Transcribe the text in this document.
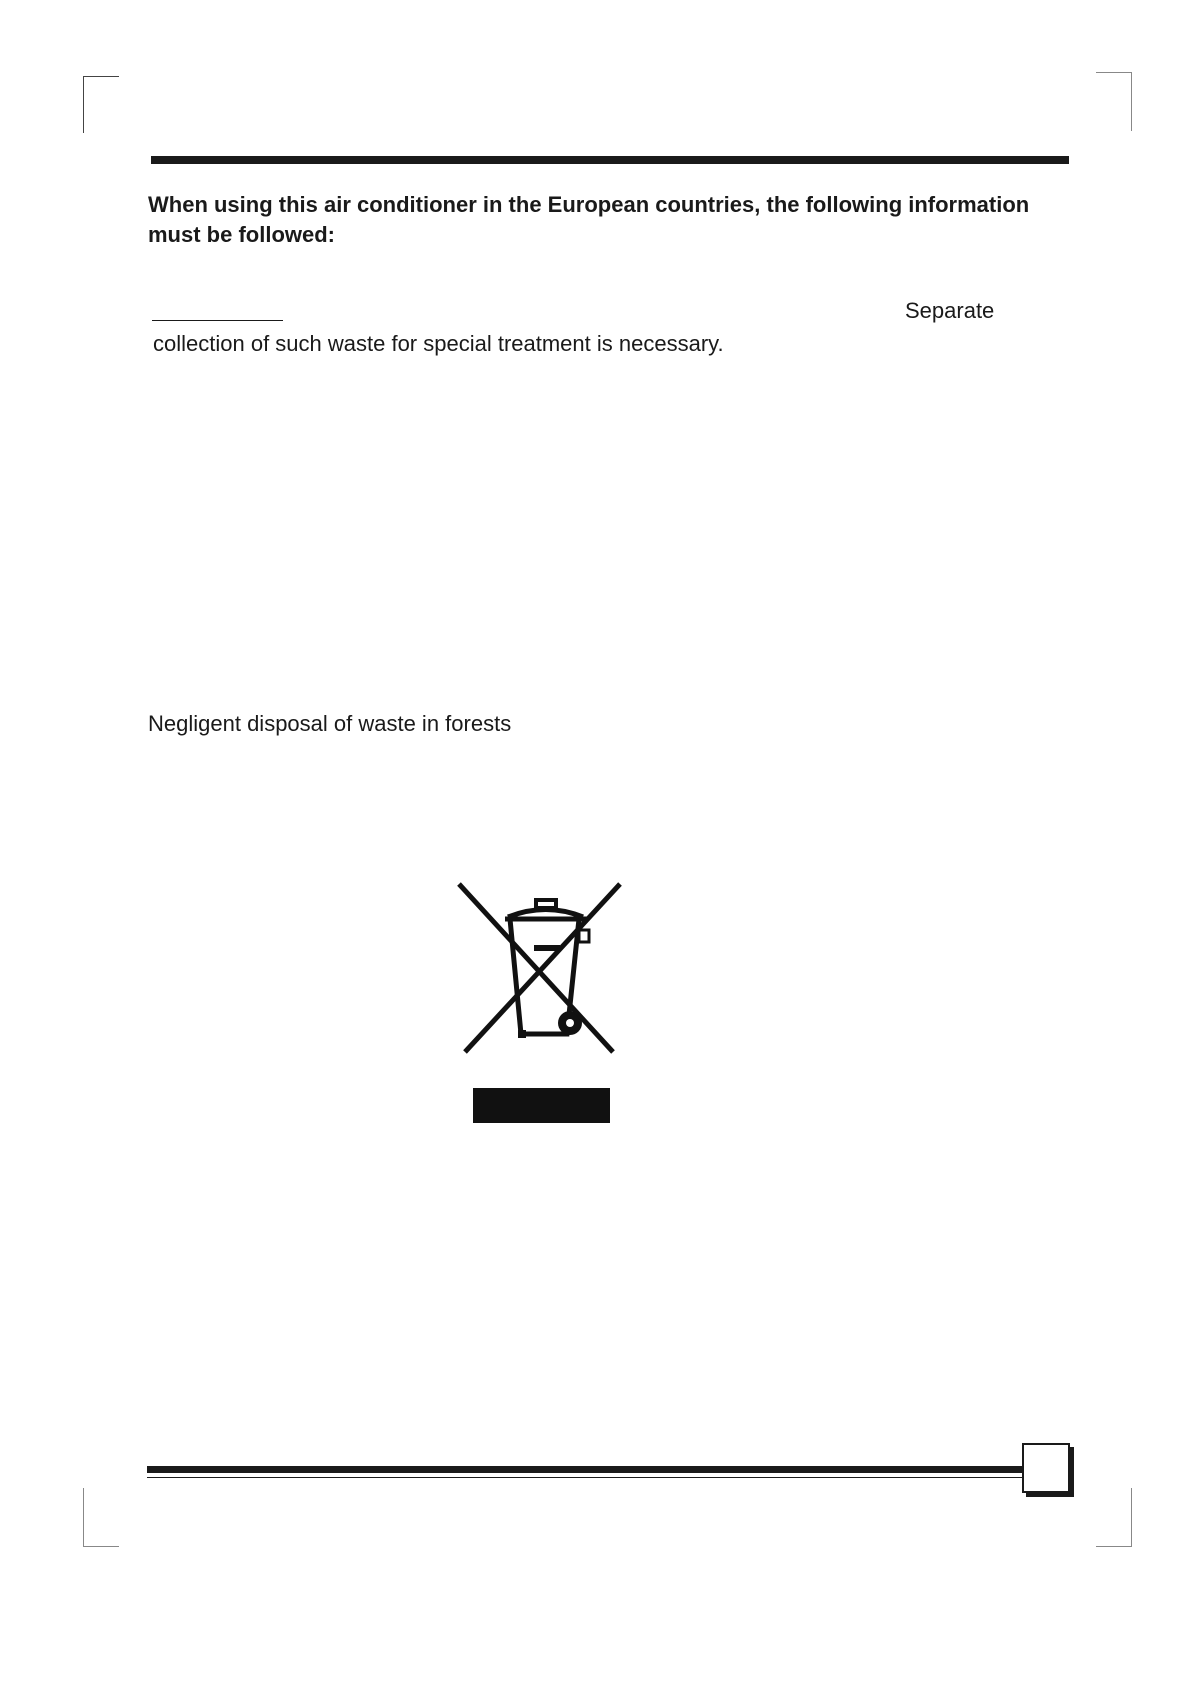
When using this air conditioner in the European countries, the following information
must be followed:
Separate
collection of such waste for special treatment is necessary.
Negligent disposal of waste in forests
